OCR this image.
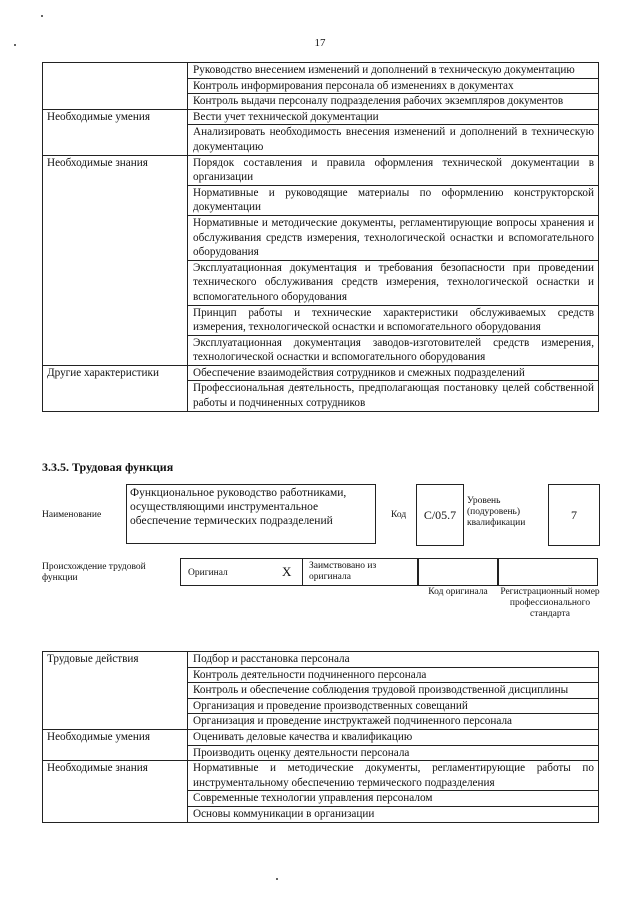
17
	Руководство внесением изменений и дополнений в техническую документацию
	Контроль информирования персонала об изменениях в документах
	Контроль выдачи персоналу подразделения рабочих экземпляров документов
Необходимые умения	Вести учет технической документации
	Анализировать необходимость внесения изменений и дополнений в техническую документацию
Необходимые знания	Порядок составления и правила оформления технической документации в организации
	Нормативные и руководящие материалы по оформлению конструкторской документации
	Нормативные и методические документы, регламентирующие вопросы хранения и обслуживания средств измерения, технологической оснастки и вспомогательного оборудования
	Эксплуатационная документация и требования безопасности при проведении технического обслуживания средств измерения, технологической оснастки и вспомогательного оборудования
	Принцип работы и технические характеристики обслуживаемых средств измерения, технологической оснастки и вспомогательного оборудования
	Эксплуатационная документация заводов-изготовителей средств измерения, технологической оснастки и вспомогательного оборудования
Другие характеристики	Обеспечение взаимодействия сотрудников и смежных подразделений
	Профессиональная деятельность, предполагающая постановку целей собственной работы и подчиненных сотрудников
3.3.5. Трудовая функция
Наименование
Функциональное руководство работниками, осуществляющими инструментальное обеспечение термических подразделений	Код	C/05.7
Уровень (подуровень) квалификации
7
Происхождение трудовой функции	Оригинал	X Заимствовано из оригинала
Код оригинала	Регистрационный номер профессионального стандарта
Трудовые действия	Подбор и расстановка персонала
	Контроль деятельности подчиненного персонала
	Контроль и обеспечение соблюдения трудовой производственной дисциплины
	Организация и проведение производственных совещаний
	Организация и проведение инструктажей подчиненного персонала
Необходимые умения	Оценивать деловые качества и квалификацию
	Производить оценку деятельности персонала
Необходимые знания	Нормативные и методические документы, регламентирующие работы по инструментальному обеспечению термического подразделения
	Современные технологии управления персоналом
	Основы коммуникации в организации
